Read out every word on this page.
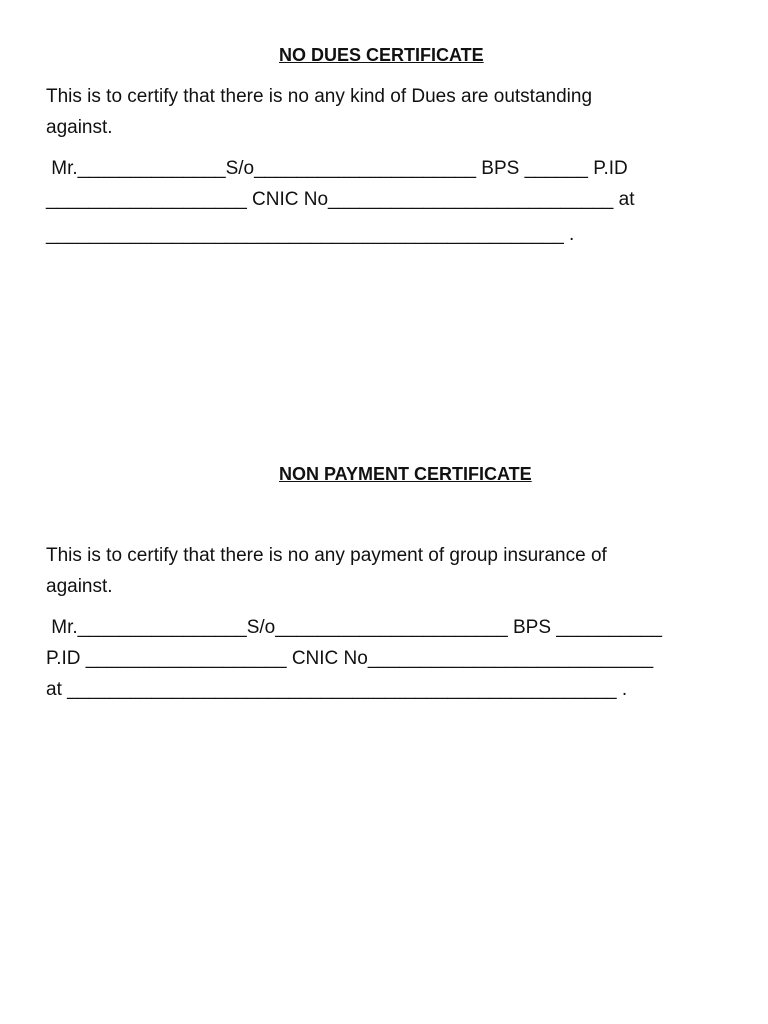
NO DUES CERTIFICATE

This is to certify that there is no any kind of Dues are outstanding

against.

Mr.______________S/o_____________________ BPS ______ P.ID

___________________ CNIC No___________________________ at

_________________________________________________ .

NON PAYMENT CERTIFICATE

This is to certify that there is no any payment of group insurance of

against.

Mr.________________S/o______________________ BPS __________

P.ID ___________________ CNIC No___________________________

at ____________________________________________________ .
